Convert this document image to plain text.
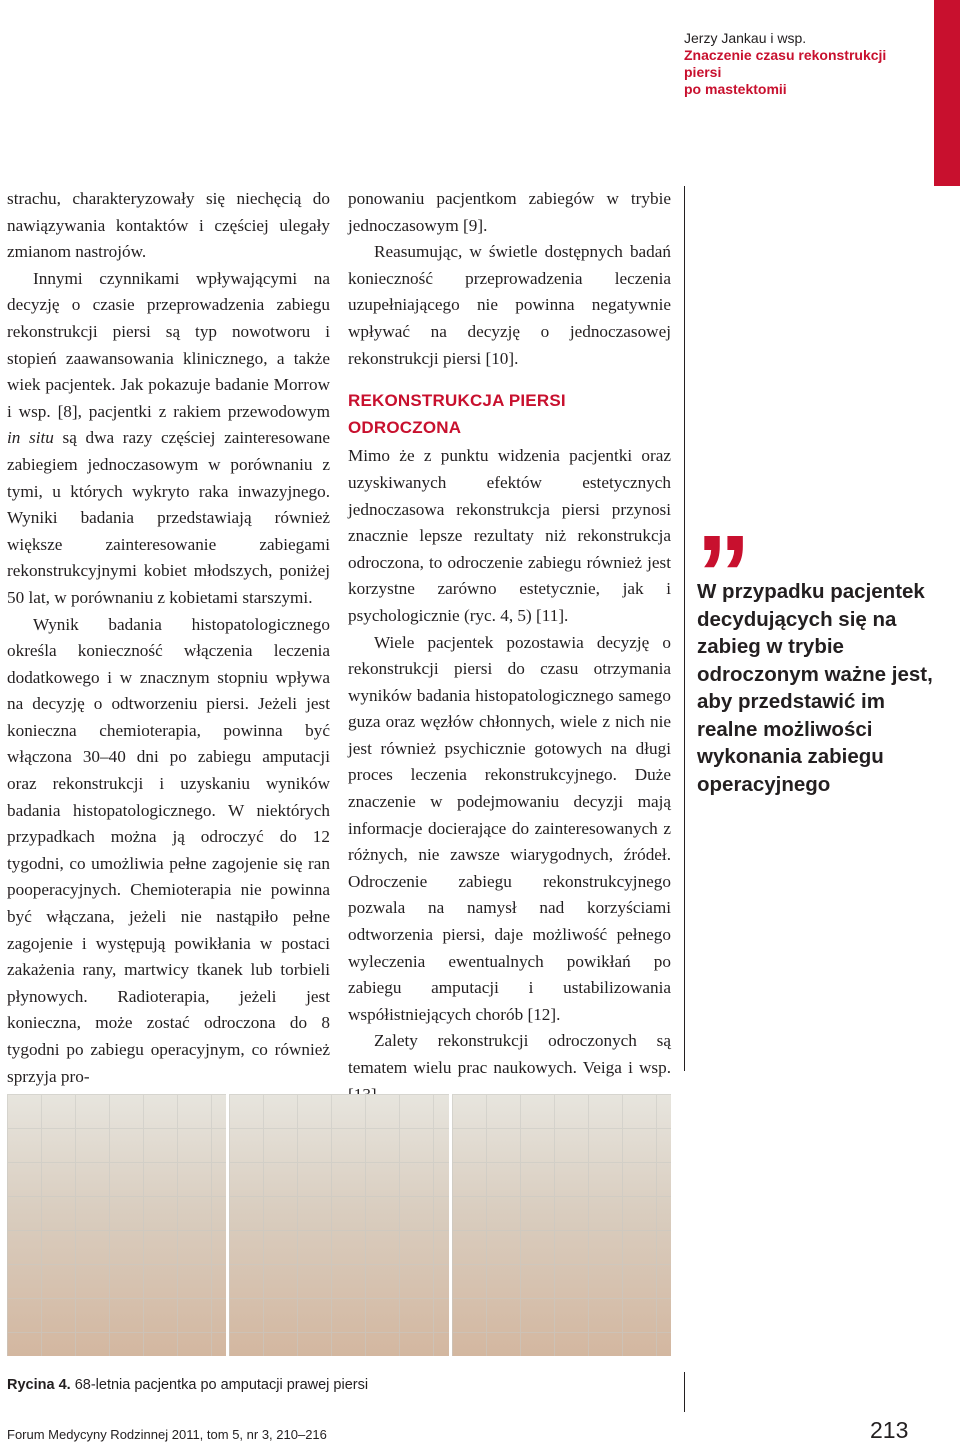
Jerzy Jankau i wsp.
Znaczenie czasu rekonstrukcji piersi
po mastektomii

strachu, charakteryzowały się niechęcią do nawiązywania kontaktów i częściej ulegały zmianom nastrojów.

Innymi czynnikami wpływającymi na decyzję o czasie przeprowadzenia zabiegu rekonstrukcji piersi są typ nowotworu i stopień zaawansowania klinicznego, a także wiek pacjentek. Jak pokazuje badanie Morrow i wsp. [8], pacjentki z rakiem przewodowym in situ są dwa razy częściej zainteresowane zabiegiem jednoczasowym w porównaniu z tymi, u których wykryto raka inwazyjnego. Wyniki badania przedstawiają również większe zainteresowanie zabiegami rekonstrukcyjnymi kobiet młodszych, poniżej 50 lat, w porównaniu z kobietami starszymi.

Wynik badania histopatologicznego określa konieczność włączenia leczenia dodatkowego i w znacznym stopniu wpływa na decyzję o odtworzeniu piersi. Jeżeli jest konieczna chemioterapia, powinna być włączona 30–40 dni po zabiegu amputacji oraz rekonstrukcji i uzyskaniu wyników badania histopatologicznego. W niektórych przypadkach można ją odroczyć do 12 tygodni, co umożliwia pełne zagojenie się ran pooperacyjnych. Chemioterapia nie powinna być włączana, jeżeli nie nastąpiło pełne zagojenie i występują powikłania w postaci zakażenia rany, martwicy tkanek lub torbieli płynowych. Radioterapia, jeżeli jest konieczna, może zostać odroczona do 8 tygodni po zabiegu operacyjnym, co również sprzyja pro-

ponowaniu pacjentkom zabiegów w trybie jednoczasowym [9].

Reasumując, w świetle dostępnych badań konieczność przeprowadzenia leczenia uzupełniającego nie powinna negatywnie wpływać na decyzję o jednoczasowej rekonstrukcji piersi [10].

REKONSTRUKCJA PIERSI ODROCZONA

Mimo że z punktu widzenia pacjentki oraz uzyskiwanych efektów estetycznych jednoczasowa rekonstrukcja piersi przynosi znacznie lepsze rezultaty niż rekonstrukcja odroczona, to odroczenie zabiegu również jest korzystne zarówno estetycznie, jak i psychologicznie (ryc. 4, 5) [11].

Wiele pacjentek pozostawia decyzję o rekonstrukcji piersi do czasu otrzymania wyników badania histopatologicznego samego guza oraz węzłów chłonnych, wiele z nich nie jest również psychicznie gotowych na długi proces leczenia rekonstrukcyjnego. Duże znaczenie w podejmowaniu decyzji mają informacje docierające do zainteresowanych z różnych, nie zawsze wiarygodnych, źródeł. Odroczenie zabiegu rekonstrukcyjnego pozwala na namysł nad korzyściami odtworzenia piersi, daje możliwość pełnego wyleczenia ewentualnych powikłań po zabiegu amputacji i ustabilizowania współistniejących chorób [12].

Zalety rekonstrukcji odroczonych są tematem wielu prac naukowych. Veiga i wsp.

”
W przypadku pacjentek decydujących się na zabieg w trybie odroczonym ważne jest, aby przedstawić im realne możliwości wykonania zabiegu operacyjnego
Rycina 4. 68-letnia pacjentka po amputacji prawej piersi
Forum Medycyny Rodzinnej 2011, tom 5, nr 3, 210–216	213
